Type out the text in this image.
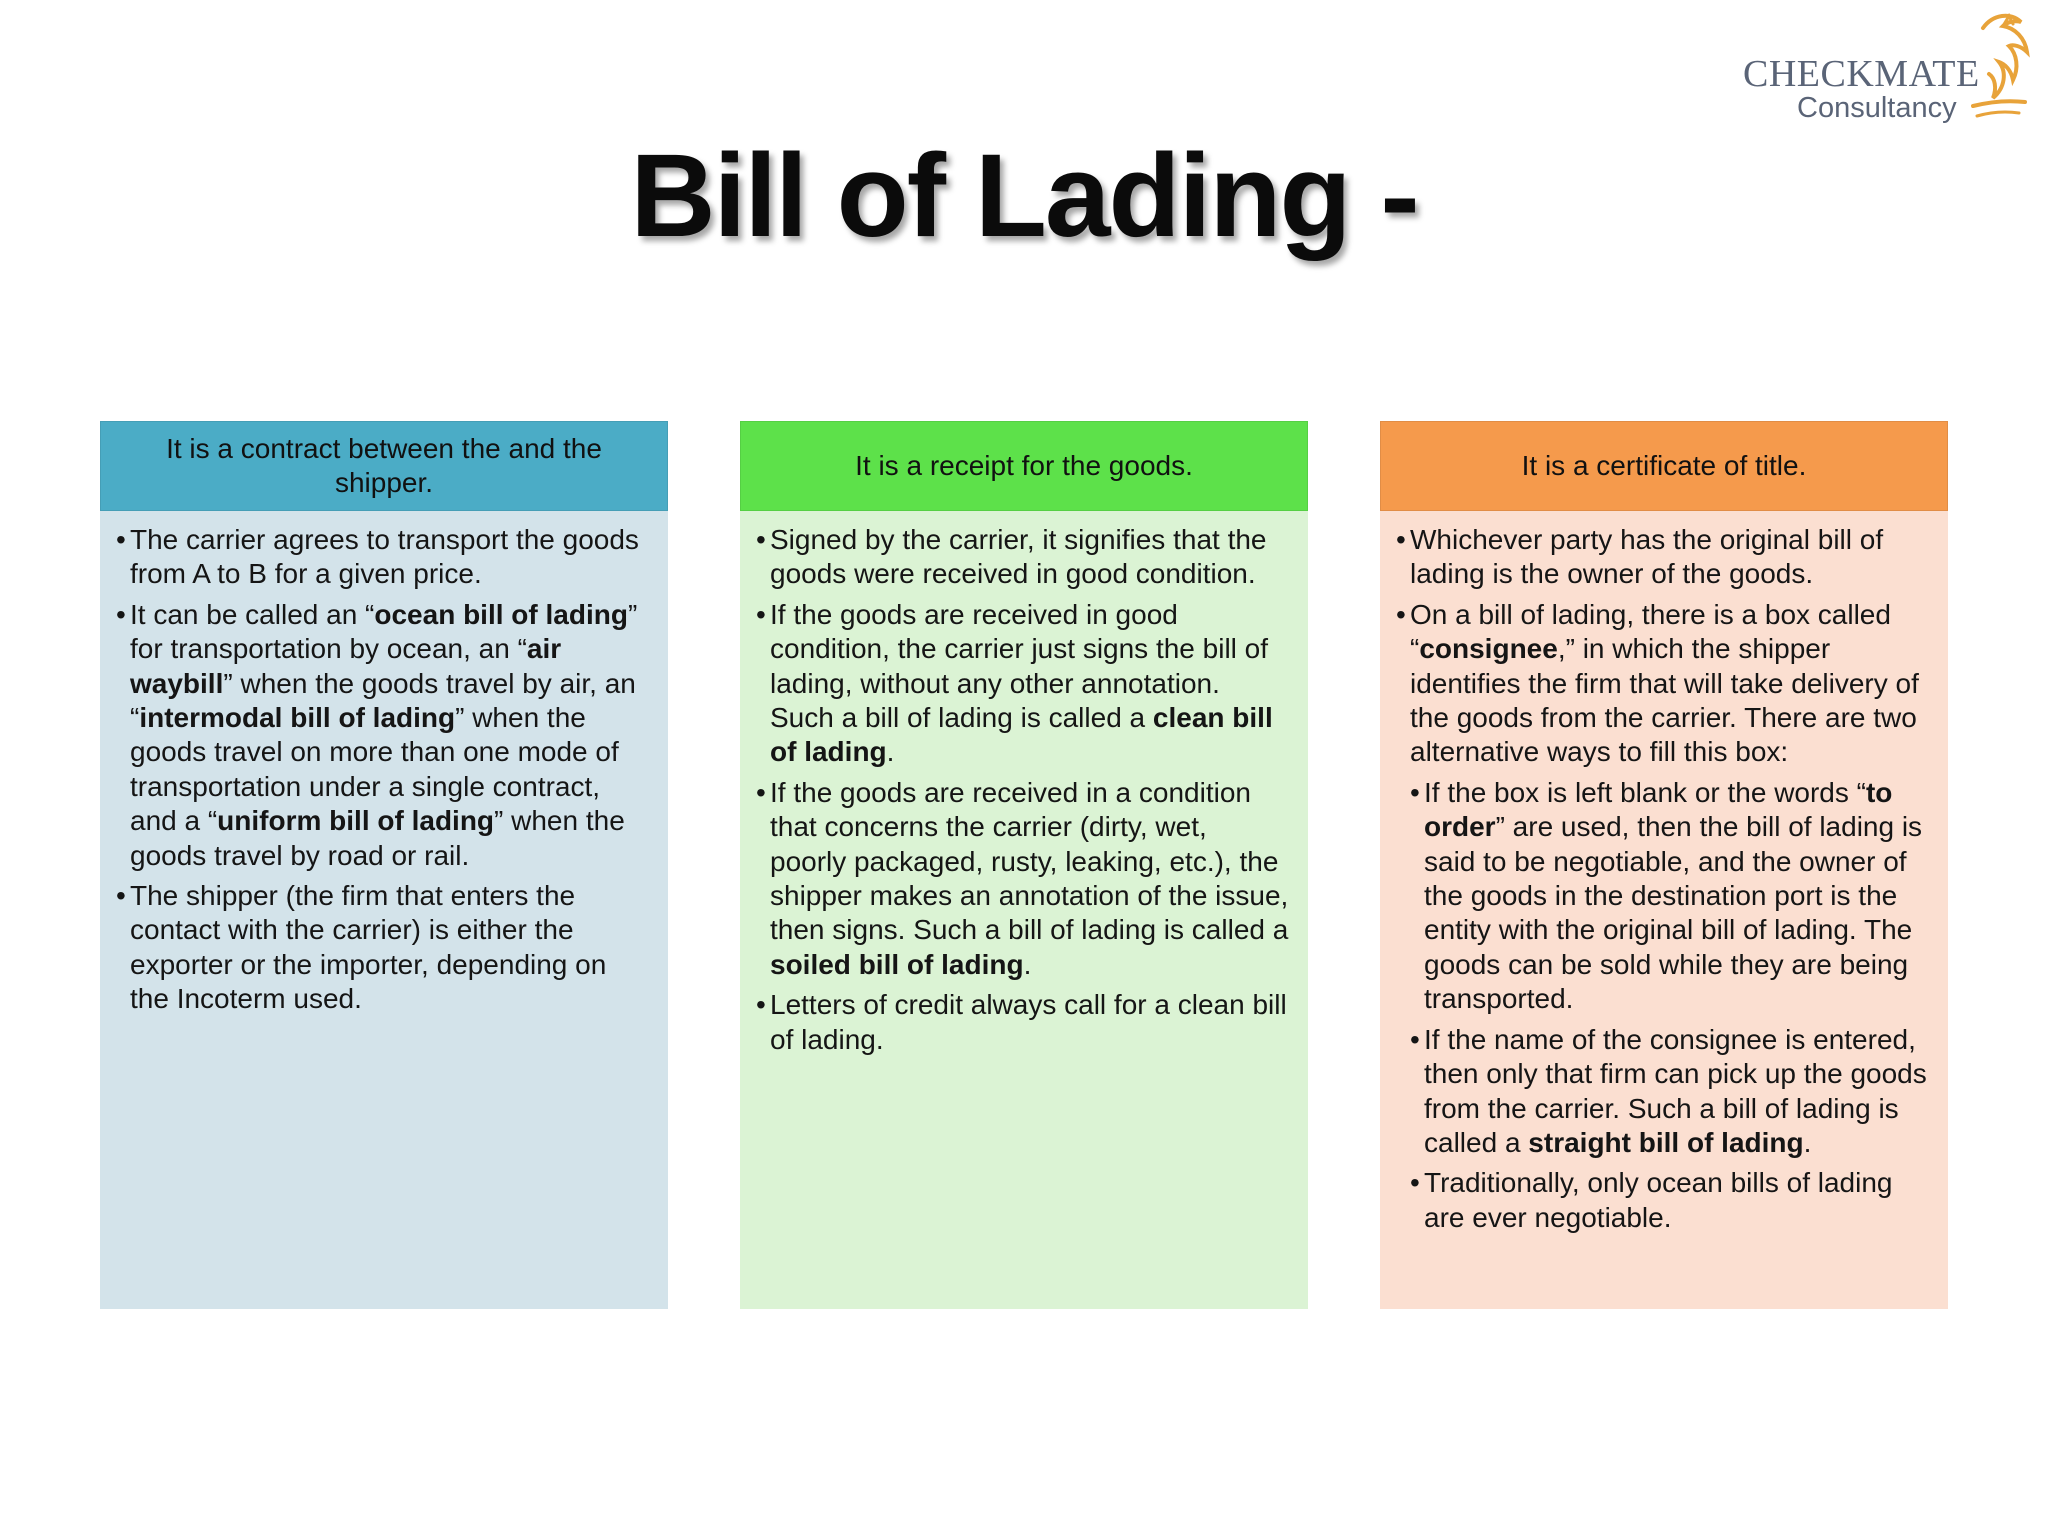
CHECKMATE
Consultancy
Bill of Lading -
It is a contract between the and the shipper.
• The carrier agrees to transport the goods from A to B for a given price.
• It can be called an “ocean bill of lading” for transportation by ocean, an “air waybill” when the goods travel by air, an “intermodal bill of lading” when the goods travel on more than one mode of transportation under a single contract, and a “uniform bill of lading” when the goods travel by road or rail.
• The shipper (the firm that enters the contact with the carrier) is either the exporter or the importer, depending on the Incoterm used.
It is a receipt for the goods.
• Signed by the carrier, it signifies that the goods were received in good condition.
• If the goods are received in good condition, the carrier just signs the bill of lading, without any other annotation. Such a bill of lading is called a clean bill of lading.
• If the goods are received in a condition that concerns the carrier (dirty, wet, poorly packaged, rusty, leaking, etc.), the shipper makes an annotation of the issue, then signs. Such a bill of lading is called a soiled bill of lading.
• Letters of credit always call for a clean bill of lading.
It is a certificate of title.
• Whichever party has the original bill of lading is the owner of the goods.
• On a bill of lading, there is a box called “consignee,” in which the shipper identifies the firm that will take delivery of the goods from the carrier. There are two alternative ways to fill this box:
• If the box is left blank or the words “to order” are used, then the bill of lading is said to be negotiable, and the owner of the goods in the destination port is the entity with the original bill of lading. The goods can be sold while they are being transported.
• If the name of the consignee is entered, then only that firm can pick up the goods from the carrier. Such a bill of lading is called a straight bill of lading.
• Traditionally, only ocean bills of lading are ever negotiable.
